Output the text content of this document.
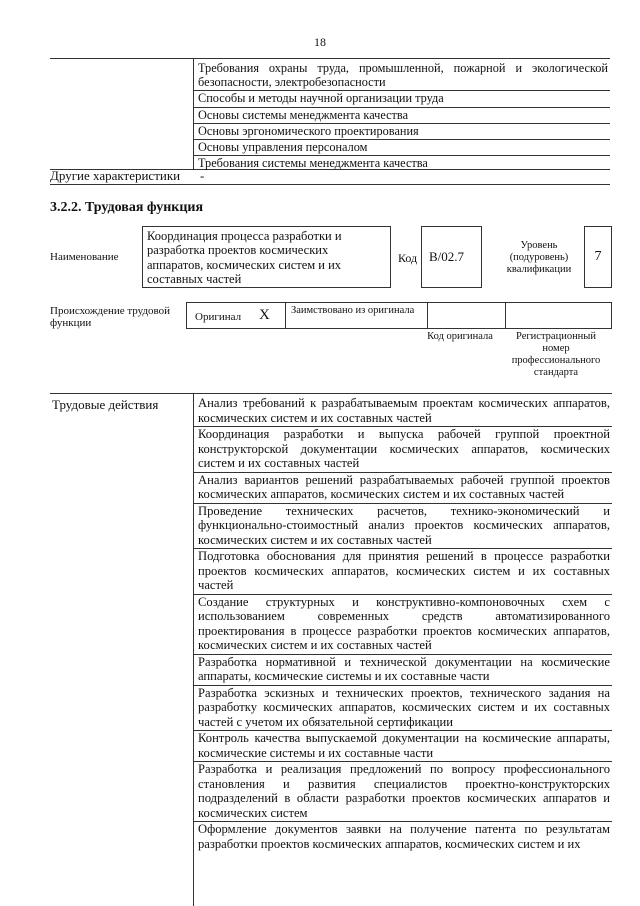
18
Требования охраны труда, промышленной, пожарной и экологической безопасности, электробезопасности
Способы и методы научной организации труда
Основы системы менеджмента качества
Основы эргономического проектирования
Основы управления персоналом
Требования системы менеджмента качества
Другие характеристики	-
3.2.2. Трудовая функция
Наименование
Координация процесса разработки и разработка проектов космических аппаратов, космических систем и их составных частей
Код B/02.7
Уровень (подуровень) квалификации
7
Происхождение трудовой функции	Оригинал X Заимствовано из оригинала
Код оригинала	Регистрационный номер профессионального стандарта
Трудовые действия	Анализ требований к разрабатываемым проектам космических аппаратов, космических систем и их составных частей
Координация разработки и выпуска рабочей группой проектной конструкторской документации космических аппаратов, космических систем и их составных частей
Анализ вариантов решений разрабатываемых рабочей группой проектов космических аппаратов, космических систем и их составных частей
Проведение технических расчетов, технико-экономический и функционально-стоимостный анализ проектов космических аппаратов, космических систем и их составных частей
Подготовка обоснования для принятия решений в процессе разработки проектов космических аппаратов, космических систем и их составных частей
Создание структурных и конструктивно-компоновочных схем с использованием современных средств автоматизированного проектирования в процессе разработки проектов космических аппаратов, космических систем и их составных частей
Разработка нормативной и технической документации на космические аппараты, космические системы и их составные части
Разработка эскизных и технических проектов, технического задания на разработку космических аппаратов, космических систем и их составных частей с учетом их обязательной сертификации
Контроль качества выпускаемой документации на космические аппараты, космические системы и их составные части
Разработка и реализация предложений по вопросу профессионального становления и развития специалистов проектно-конструкторских подразделений в области разработки проектов космических аппаратов и космических систем
Оформление документов заявки на получение патента по результатам разработки проектов космических аппаратов, космических систем и их
